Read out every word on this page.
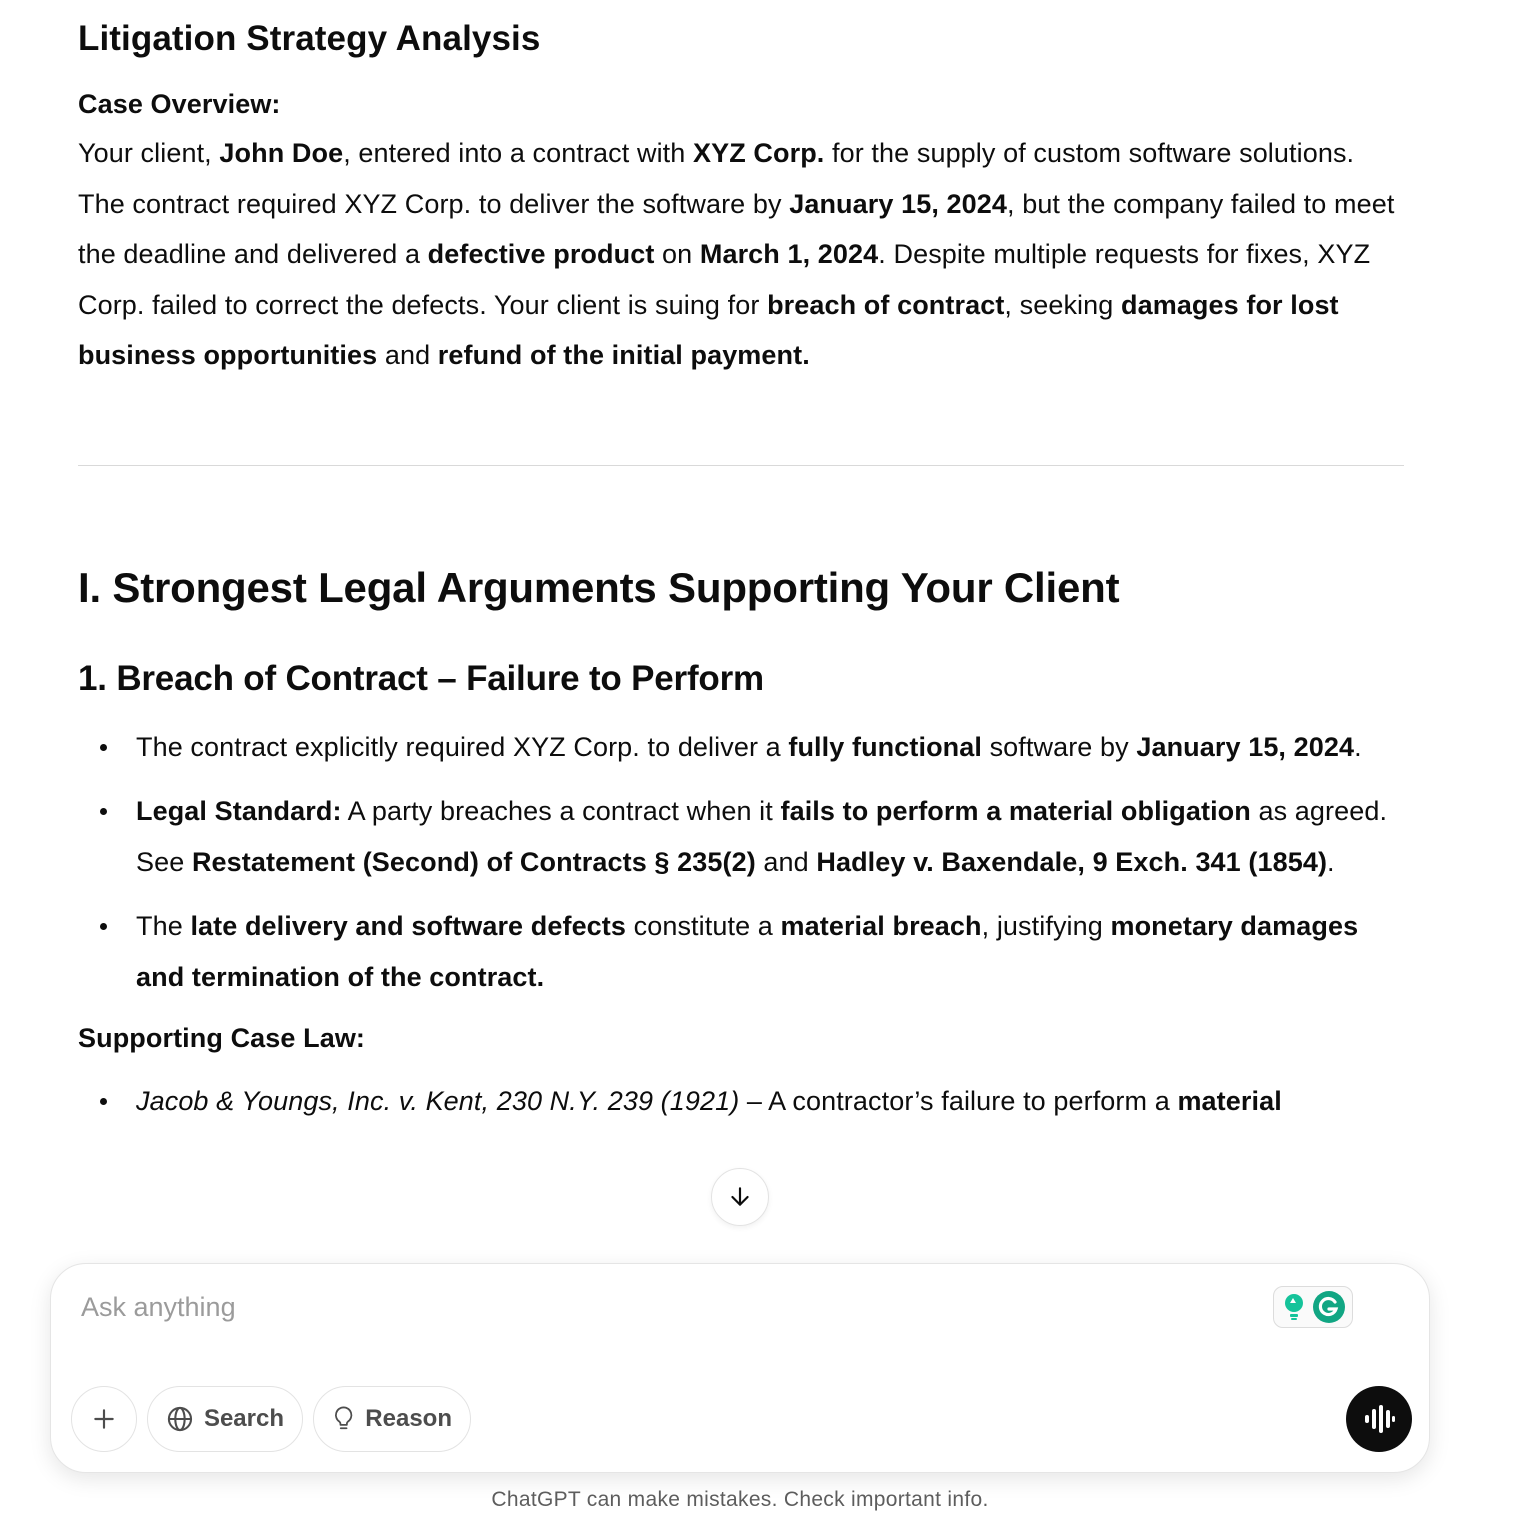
Litigation Strategy Analysis
Case Overview:

Your client, John Doe, entered into a contract with XYZ Corp. for the supply of custom software solutions. The contract required XYZ Corp. to deliver the software by January 15, 2024, but the company failed to meet the deadline and delivered a defective product on March 1, 2024. Despite multiple requests for fixes, XYZ Corp. failed to correct the defects. Your client is suing for breach of contract, seeking damages for lost business opportunities and refund of the initial payment.

I. Strongest Legal Arguments Supporting Your Client
1. Breach of Contract – Failure to Perform
The contract explicitly required XYZ Corp. to deliver a fully functional software by January 15, 2024.
Legal Standard: A party breaches a contract when it fails to perform a material obligation as agreed. See Restatement (Second) of Contracts § 235(2) and Hadley v. Baxendale, 9 Exch. 341 (1854).
The late delivery and software defects constitute a material breach, justifying monetary damages and termination of the contract.
Supporting Case Law:
Jacob & Youngs, Inc. v. Kent, 230 N.Y. 239 (1921) – A contractor’s failure to perform a material
Ask anything
Search	Reason
ChatGPT can make mistakes. Check important info.
